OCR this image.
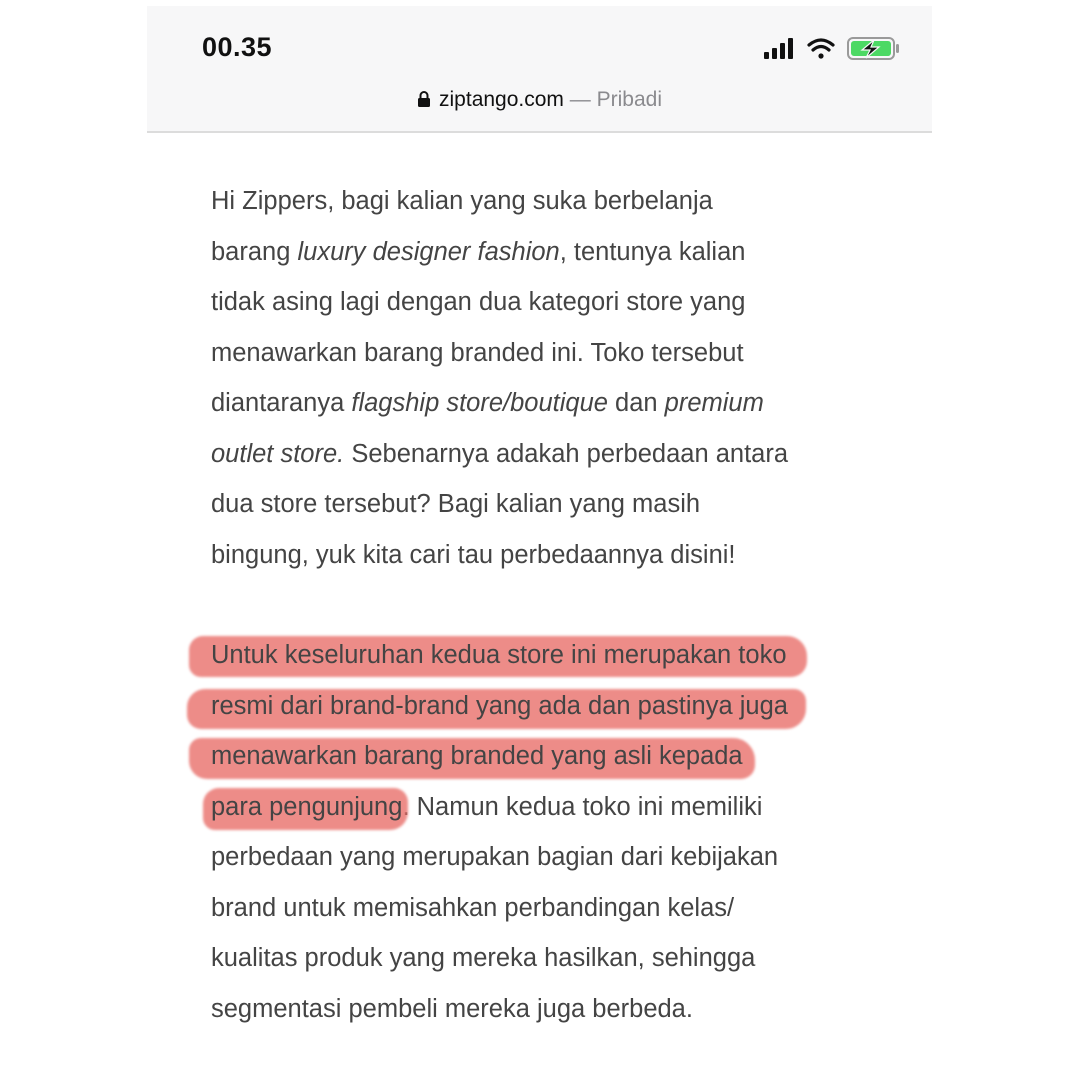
00.35
ziptango.com — Pribadi

Hi Zippers, bagi kalian yang suka berbelanja
barang luxury designer fashion, tentunya kalian
tidak asing lagi dengan dua kategori store yang
menawarkan barang branded ini. Toko tersebut
diantaranya flagship store/boutique dan premium
outlet store. Sebenarnya adakah perbedaan antara
dua store tersebut? Bagi kalian yang masih
bingung, yuk kita cari tau perbedaannya disini!

Untuk keseluruhan kedua store ini merupakan toko
resmi dari brand-brand yang ada dan pastinya juga
menawarkan barang branded yang asli kepada
para pengunjung. Namun kedua toko ini memiliki
perbedaan yang merupakan bagian dari kebijakan
brand untuk memisahkan perbandingan kelas/
kualitas produk yang mereka hasilkan, sehingga
segmentasi pembeli mereka juga berbeda.
